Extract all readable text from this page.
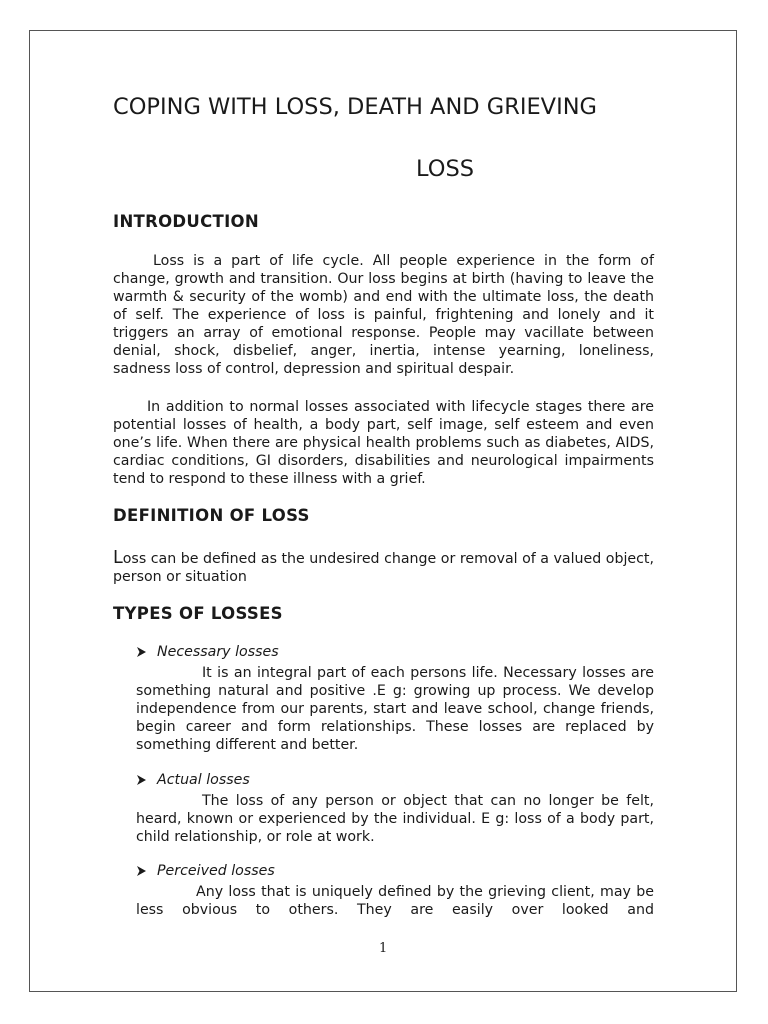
COPING WITH LOSS, DEATH AND GRIEVING
LOSS
INTRODUCTION

Loss is a part of life cycle. All people experience in the form of change, growth and transition. Our loss begins at birth (having to leave the warmth & security of the womb) and end with the ultimate loss, the death of self. The experience of loss is painful, frightening and lonely and it triggers an array of emotional response. People may vacillate between denial, shock, disbelief, anger, inertia, intense yearning, loneliness, sadness loss of control, depression and spiritual despair.

In addition to normal losses associated with lifecycle stages there are potential losses of health, a body part, self image, self esteem and even one’s life. When there are physical health problems such as diabetes, AIDS, cardiac conditions, GI disorders, disabilities and neurological impairments tend to respond to these illness with a grief.

DEFINITION OF LOSS

Loss can be defined as the undesired change or removal of a valued object, person or situation

TYPES OF LOSSES
Necessary losses

It is an integral part of each persons life. Necessary losses are something natural and positive .E g: growing up process. We develop independence from our parents, start and leave school, change friends, begin career and form relationships. These losses are replaced by something different and better.

Actual losses

The loss of any person or object that can no longer be felt, heard, known or experienced by the individual. E g: loss of a body part, child relationship, or role at work.

Perceived losses

Any loss that is uniquely defined by the grieving client, may be less obvious to others. They are easily over looked and

1
